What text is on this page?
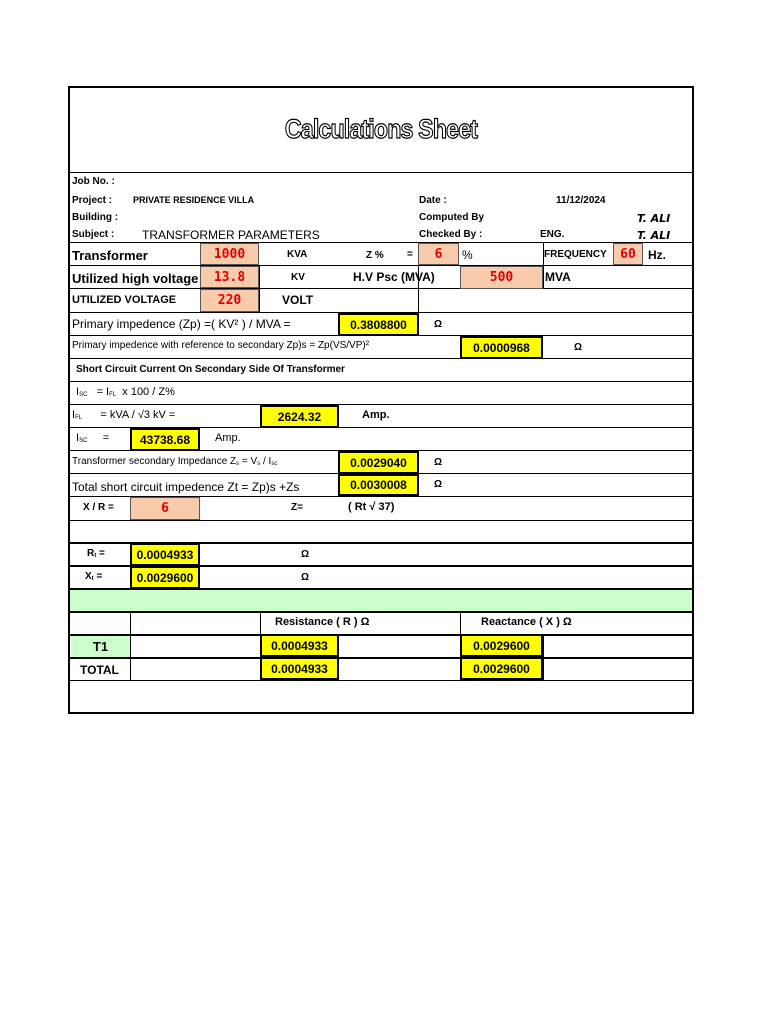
Calculations Sheet
Job No. :
Project : PRIVATE RESIDENCE VILLA	Date :	11/12/2024
Building :	Computed By	T. ALI
Subject : TRANSFORMER PARAMETERS	Checked By :	ENG.	T. ALI
Transformer	1000	KVA	Z % =	6	%	FREQUENCY	60	Hz.
Utilized high voltage	13.8	KV	H.V Psc (MVA)	500	MVA
UTILIZED VOLTAGE	220	VOLT
Primary impedence (Zp) =( KV² ) / MVA =	0.3808800	Ω
Primary impedence with reference to secondary Zp)s = Zp(VS/VP)²	0.0000968	Ω
Short Circuit Current On Secondary Side Of Transformer
$I_{SC} = I_{FL}$ x 100 / Z%
$I_{FL}$ = kVA / √3 kV =	2624.32	Amp.
$I_{SC}$ =	43738.68	Amp.
Transformer secondary Impedance $Z_s = V_s / I_{sc}$	0.0029040	Ω
Total short circuit impedence Zt = Zp)s +Zs	0.0030008	Ω
X / R =	6	Z=	( Rt √ 37)
$R_t$ =	0.0004933	Ω
$X_t$ =	0.0029600	Ω
Resistance ( R ) Ω	Reactance ( X ) Ω
T1	0.0004933	0.0029600
TOTAL	0.0004933	0.0029600
